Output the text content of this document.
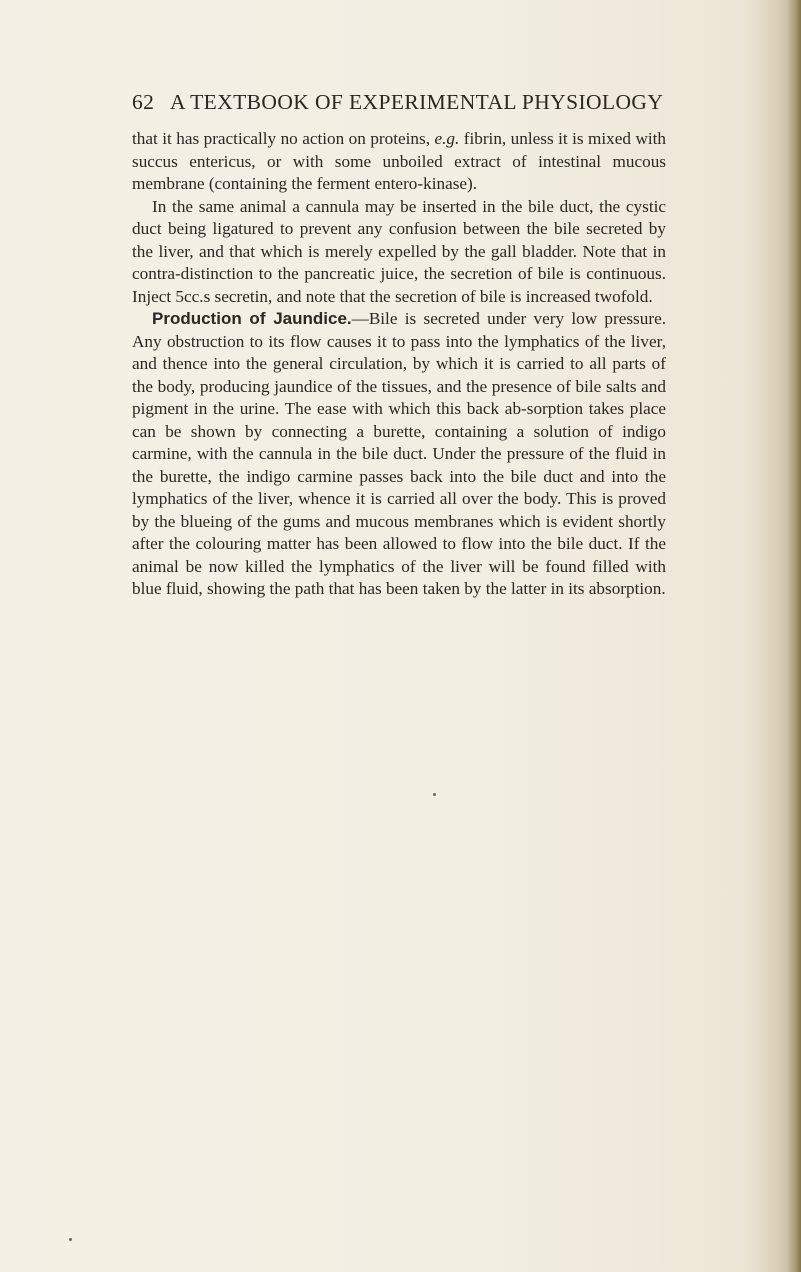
62 A TEXTBOOK OF EXPERIMENTAL PHYSIOLOGY

that it has practically no action on proteins, e.g. fibrin, unless it is mixed with succus entericus, or with some unboiled extract of intestinal mucous membrane (containing the ferment entero-kinase).

In the same animal a cannula may be inserted in the bile duct, the cystic duct being ligatured to prevent any confusion between the bile secreted by the liver, and that which is merely expelled by the gall bladder. Note that in contra-distinction to the pancreatic juice, the secretion of bile is continuous. Inject 5cc.s secretin, and note that the secretion of bile is increased twofold.

Production of Jaundice.—Bile is secreted under very low pressure. Any obstruction to its flow causes it to pass into the lymphatics of the liver, and thence into the general circulation, by which it is carried to all parts of the body, producing jaundice of the tissues, and the presence of bile salts and pigment in the urine. The ease with which this back ab-sorption takes place can be shown by connecting a burette, containing a solution of indigo carmine, with the cannula in the bile duct. Under the pressure of the fluid in the burette, the indigo carmine passes back into the bile duct and into the lymphatics of the liver, whence it is carried all over the body. This is proved by the blueing of the gums and mucous membranes which is evident shortly after the colouring matter has been allowed to flow into the bile duct. If the animal be now killed the lymphatics of the liver will be found filled with blue fluid, showing the path that has been taken by the latter in its absorption.
